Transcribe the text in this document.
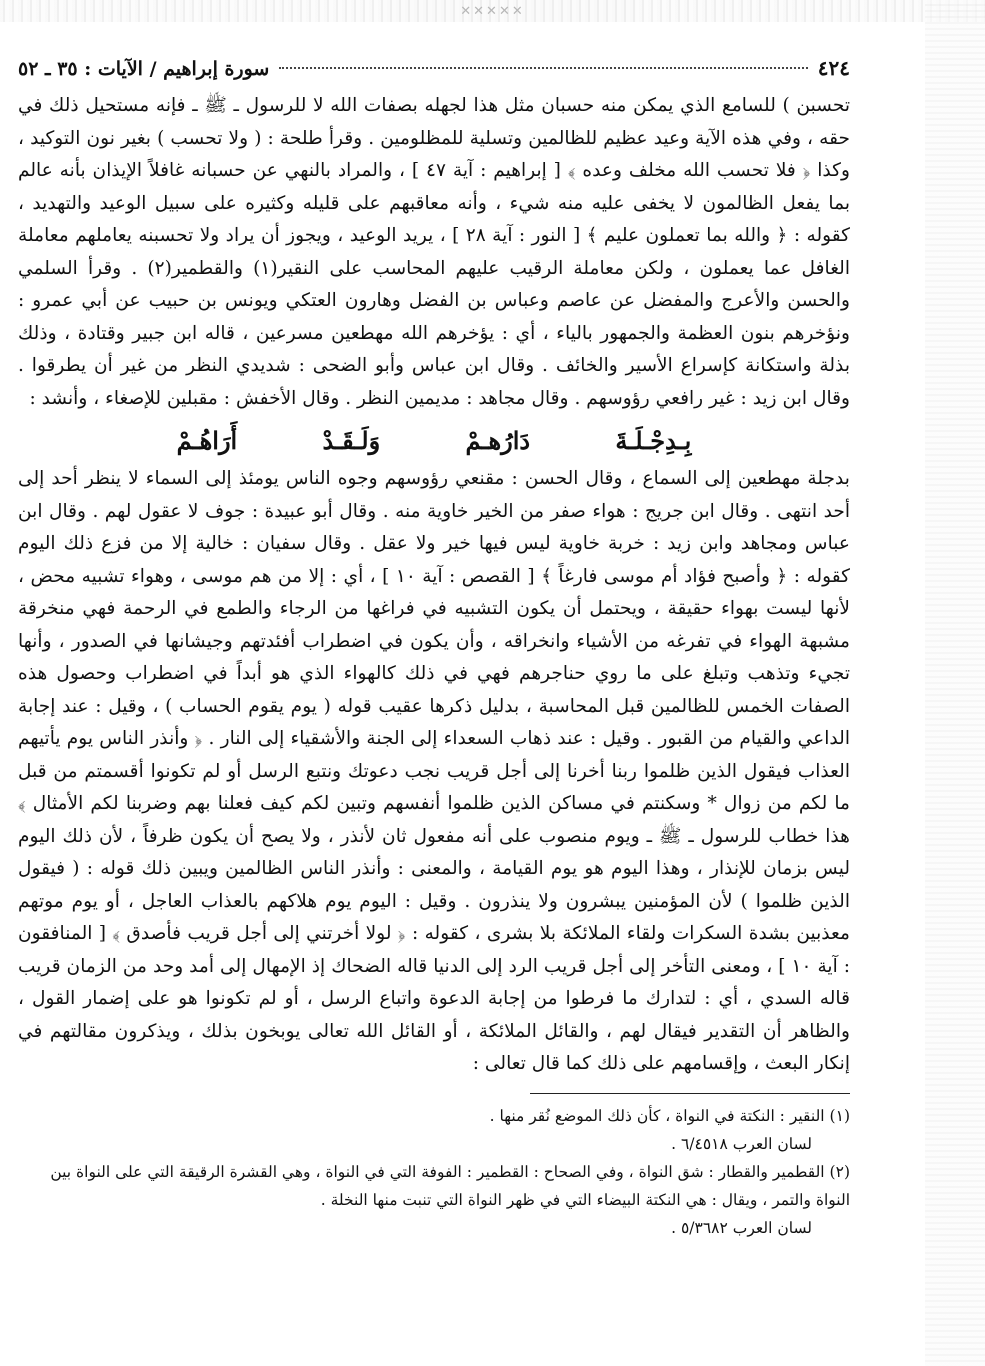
✕✕✕✕✕
٤٢٤
سورة إبراهيم / الآيات : ٣٥ ـ ٥٢

تحسبن ) للسامع الذي يمكن منه حسبان مثل هذا لجهله بصفات الله لا للرسول ـ ﷺ ـ فإنه مستحيل ذلك في حقه ، وفي هذه الآية وعيد عظيم للظالمين وتسلية للمظلومين . وقرأ طلحة : ( ولا تحسب ) بغير نون التوكيد ، وكذا ﴿ فلا تحسب الله مخلف وعده ﴾ [ إبراهيم : آية ٤٧ ] ، والمراد بالنهي عن حسبانه غافلاً الإيذان بأنه عالم بما يفعل الظالمون لا يخفى عليه منه شيء ، وأنه معاقبهم على قليله وكثيره على سبيل الوعيد والتهديد ، كقوله : ﴿ والله بما تعملون عليم ﴾ [ النور : آية ٢٨ ] ، يريد الوعيد ، ويجوز أن يراد ولا تحسبنه يعاملهم معاملة الغافل عما يعملون ، ولكن معاملة الرقيب عليهم المحاسب على النقير(١) والقطمير(٢) . وقرأ السلمي والحسن والأعرج والمفضل عن عاصم وعباس بن الفضل وهارون العتكي ويونس بن حبيب عن أبي عمرو : ونؤخرهم بنون العظمة والجمهور بالياء ، أي : يؤخرهم الله مهطعين مسرعين ، قاله ابن جبير وقتادة ، وذلك بذلة واستكانة كإسراع الأسير والخائف . وقال ابن عباس وأبو الضحى : شديدي النظر من غير أن يطرقوا . وقال ابن زيد : غير رافعي رؤوسهم . وقال مجاهد : مديمين النظر . وقال الأخفش : مقبلين للإصغاء ، وأنشد :

بِـدِجْـلَـةَ
دَارُهـمْ
وَلَـقَـدْ
أَرَاهُـمْ

بدجلة مهطعين إلى السماع ، وقال الحسن : مقنعي رؤوسهم وجوه الناس يومئذ إلى السماء لا ينظر أحد إلى أحد انتهى . وقال ابن جريج : هواء صفر من الخير خاوية منه . وقال أبو عبيدة : جوف لا عقول لهم . وقال ابن عباس ومجاهد وابن زيد : خربة خاوية ليس فيها خير ولا عقل . وقال سفيان : خالية إلا من فزع ذلك اليوم كقوله : ﴿ وأصبح فؤاد أم موسى فارغاً ﴾ [ القصص : آية ١٠ ] ، أي : إلا من هم موسى ، وهواء تشبيه محض ، لأنها ليست بهواء حقيقة ، ويحتمل أن يكون التشبيه في فراغها من الرجاء والطمع في الرحمة فهي منخرقة مشبهة الهواء في تفرغه من الأشياء وانخراقه ، وأن يكون في اضطراب أفئدتهم وجيشانها في الصدور ، وأنها تجيء وتذهب وتبلغ على ما روي حناجرهم فهي في ذلك كالهواء الذي هو أبداً في اضطراب وحصول هذه الصفات الخمس للظالمين قبل المحاسبة ، بدليل ذكرها عقيب قوله ( يوم يقوم الحساب ) ، وقيل : عند إجابة الداعي والقيام من القبور . وقيل : عند ذهاب السعداء إلى الجنة والأشقياء إلى النار . ﴿ وأنذر الناس يوم يأتيهم العذاب فيقول الذين ظلموا ربنا أخرنا إلى أجل قريب نجب دعوتك ونتبع الرسل أو لم تكونوا أقسمتم من قبل ما لكم من زوال * وسكنتم في مساكن الذين ظلموا أنفسهم وتبين لكم كيف فعلنا بهم وضربنا لكم الأمثال ﴾ هذا خطاب للرسول ـ ﷺ ـ ويوم منصوب على أنه مفعول ثان لأنذر ، ولا يصح أن يكون ظرفاً ، لأن ذلك اليوم ليس بزمان للإنذار ، وهذا اليوم هو يوم القيامة ، والمعنى : وأنذر الناس الظالمين ويبين ذلك قوله : ( فيقول الذين ظلموا ) لأن المؤمنين يبشرون ولا ينذرون . وقيل : اليوم يوم هلاكهم بالعذاب العاجل ، أو يوم موتهم معذبين بشدة السكرات ولقاء الملائكة بلا بشرى ، كقوله : ﴿ لولا أخرتني إلى أجل قريب فأصدق ﴾ [ المنافقون : آية ١٠ ] ، ومعنى التأخر إلى أجل قريب الرد إلى الدنيا قاله الضحاك إذ الإمهال إلى أمد وحد من الزمان قريب قاله السدي ، أي : لتدارك ما فرطوا من إجابة الدعوة واتباع الرسل ، أو لم تكونوا هو على إضمار القول ، والظاهر أن التقدير فيقال لهم ، والقائل الملائكة ، أو القائل الله تعالى يوبخون بذلك ، ويذكرون مقالتهم في إنكار البعث ، وإقسامهم على ذلك كما قال تعالى :

(١) النقير : النكتة في النواة ، كأن ذلك الموضع نُقر منها .

لسان العرب ٦/٤٥١٨ .

(٢) القطمير والقطار : شق النواة ، وفي الصحاح : القطمير : الفوفة التي في النواة ، وهي القشرة الرقيقة التي على النواة بين النواة والتمر ، ويقال : هي النكتة البيضاء التي في ظهر النواة التي تنبت منها النخلة .

لسان العرب ٥/٣٦٨٢ .
